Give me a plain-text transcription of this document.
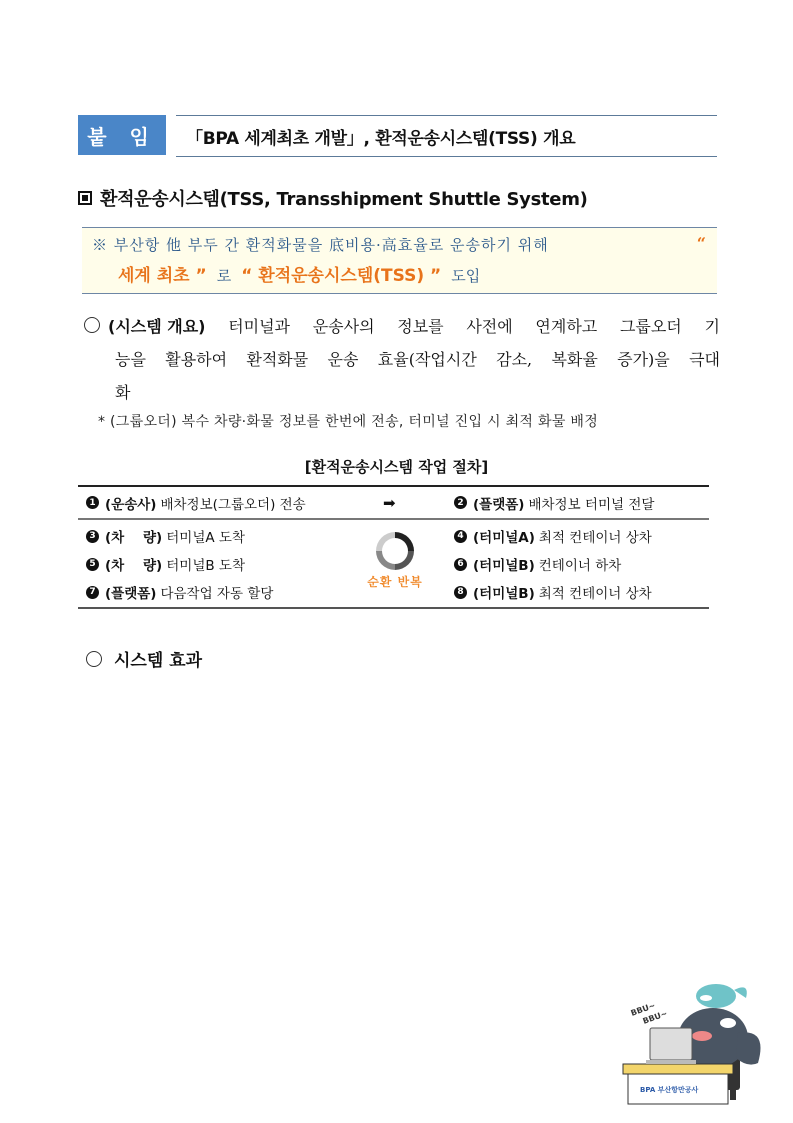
붙 임	「BPA 세계최초 개발」, 환적운송시스템(TSS) 개요
환적운송시스템(TSS, Transshipment Shuttle System)
※ 부산항 他 부두 간 환적화물을 底비용·高효율로 운송하기 위해	“
세계 최초 ” 로 “ 환적운송시스템(TSS) ” 도입
(시스템 개요) 터미널과 운송사의 정보를 사전에 연계하고 그룹오더 기
능을 활용하여 환적화물 운송 효율(작업시간 감소, 복화율 증가)을 극대
화
* (그룹오더) 복수 차량·화물 정보를 한번에 전송, 터미널 진입 시 최적 화물 배정
[환적운송시스템 작업 절차]
1 (운송사) 배차정보(그룹오더) 전송	➡	2 (플랫폼) 배차정보 터미널 전달
3 (차    량) 터미널A 도착	4 (터미널A) 최적 컨테이너 상차
5 (차    량) 터미널B 도착	6 (터미널B) 컨테이너 하차
7 (플랫폼) 다음작업 자동 할당	8 (터미널B) 최적 컨테이너 상차
순환 반복
시스템 효과
BPA 부산항만공사
BBU~
BBU~
